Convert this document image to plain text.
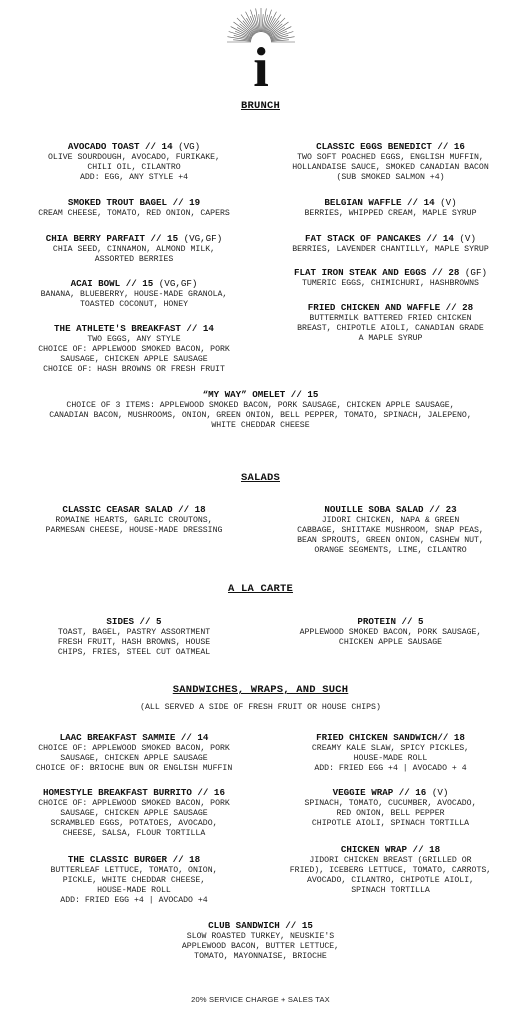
i
BRUNCH
AVOCADO TOAST // 14 (VG)
OLIVE SOURDOUGH, AVOCADO, FURIKAKE,
CHILI OIL, CILANTRO
ADD: EGG, ANY STYLE +4
SMOKED TROUT BAGEL // 19
CREAM CHEESE, TOMATO, RED ONION, CAPERS
CHIA BERRY PARFAIT // 15 (VG,GF)
CHIA SEED, CINNAMON, ALMOND MILK,
ASSORTED BERRIES
ACAI BOWL // 15 (VG,GF)
BANANA, BLUEBERRY, HOUSE-MADE GRANOLA,
TOASTED COCONUT, HONEY
THE ATHLETE'S BREAKFAST // 14
TWO EGGS, ANY STYLE
CHOICE OF: APPLEWOOD SMOKED BACON, PORK
SAUSAGE, CHICKEN APPLE SAUSAGE
CHOICE OF: HASH BROWNS OR FRESH FRUIT
CLASSIC EGGS BENEDICT // 16
TWO SOFT POACHED EGGS, ENGLISH MUFFIN,
HOLLANDAISE SAUCE, SMOKED CANADIAN BACON
(SUB SMOKED SALMON +4)
BELGIAN WAFFLE // 14 (V)
BERRIES, WHIPPED CREAM, MAPLE SYRUP
FAT STACK OF PANCAKES // 14 (V)
BERRIES, LAVENDER CHANTILLY, MAPLE SYRUP
FLAT IRON STEAK AND EGGS // 28 (GF)
TUMERIC EGGS, CHIMICHURI, HASHBROWNS
FRIED CHICKEN AND WAFFLE // 28
BUTTERMILK BATTERED FRIED CHICKEN
BREAST, CHIPOTLE AIOLI, CANADIAN GRADE
A MAPLE SYRUP
“MY WAY” OMELET // 15
CHOICE OF 3 ITEMS: APPLEWOOD SMOKED BACON, PORK SAUSAGE, CHICKEN APPLE SAUSAGE,
CANADIAN BACON, MUSHROOMS, ONION, GREEN ONION, BELL PEPPER, TOMATO, SPINACH, JALEPENO,
WHITE CHEDDAR CHEESE
SALADS
CLASSIC CEASAR SALAD // 18
ROMAINE HEARTS, GARLIC CROUTONS,
PARMESAN CHEESE, HOUSE-MADE DRESSING
NOUILLE SOBA SALAD // 23
JIDORI CHICKEN, NAPA & GREEN
CABBAGE, SHIITAKE MUSHROOM, SNAP PEAS,
BEAN SPROUTS, GREEN ONION, CASHEW NUT,
ORANGE SEGMENTS, LIME, CILANTRO
A LA CARTE
SIDES // 5
TOAST, BAGEL, PASTRY ASSORTMENT
FRESH FRUIT, HASH BROWNS, HOUSE
CHIPS, FRIES, STEEL CUT OATMEAL
PROTEIN // 5
APPLEWOOD SMOKED BACON, PORK SAUSAGE,
CHICKEN APPLE SAUSAGE
SANDWICHES, WRAPS, AND SUCH
(ALL SERVED A SIDE OF FRESH FRUIT OR HOUSE CHIPS)
LAAC BREAKFAST SAMMIE // 14
CHOICE OF: APPLEWOOD SMOKED BACON, PORK
SAUSAGE, CHICKEN APPLE SAUSAGE
CHOICE OF: BRIOCHE BUN OR ENGLISH MUFFIN
HOMESTYLE BREAKFAST BURRITO // 16
CHOICE OF: APPLEWOOD SMOKED BACON, PORK
SAUSAGE, CHICKEN APPLE SAUSAGE
SCRAMBLED EGGS, POTATOES, AVOCADO,
CHEESE, SALSA, FLOUR TORTILLA
THE CLASSIC BURGER // 18
BUTTERLEAF LETTUCE, TOMATO, ONION,
PICKLE, WHITE CHEDDAR CHEESE,
HOUSE-MADE ROLL
ADD: FRIED EGG +4 | AVOCADO +4
FRIED CHICKEN SANDWICH// 18
CREAMY KALE SLAW, SPICY PICKLES,
HOUSE-MADE ROLL
ADD: FRIED EGG +4 | AVOCADO + 4
VEGGIE WRAP // 16 (V)
SPINACH, TOMATO, CUCUMBER, AVOCADO,
RED ONION, BELL PEPPER
CHIPOTLE AIOLI, SPINACH TORTILLA
CHICKEN WRAP // 18
JIDORI CHICKEN BREAST (GRILLED OR
FRIED), ICEBERG LETTUCE, TOMATO, CARROTS,
AVOCADO, CILANTRO, CHIPOTLE AIOLI,
SPINACH TORTILLA
CLUB SANDWICH // 15
SLOW ROASTED TURKEY, NEUSKIE'S
APPLEWOOD BACON, BUTTER LETTUCE,
TOMATO, MAYONNAISE, BRIOCHE
20% SERVICE CHARGE + SALES TAX
